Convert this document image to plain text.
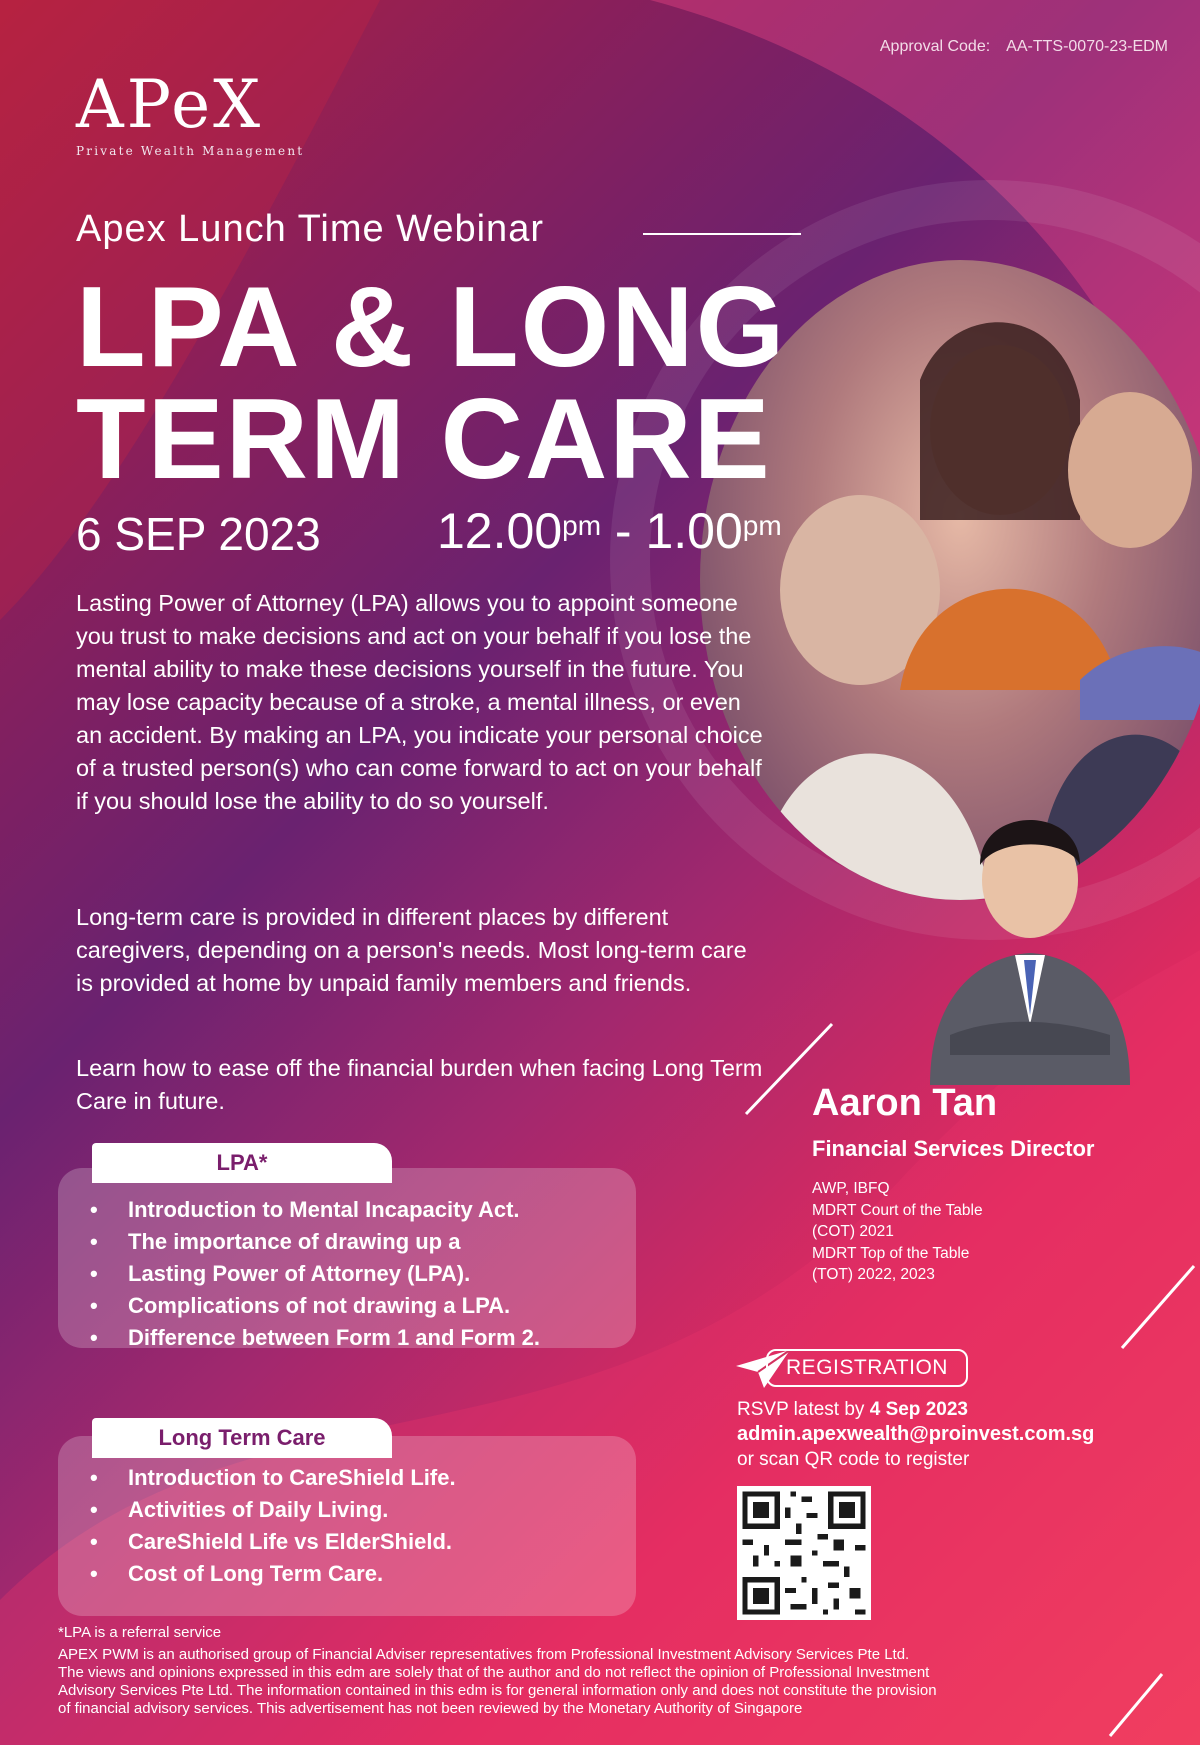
Approval Code: AA-TTS-0070-23-EDM
APeX
Private Wealth Management
Apex Lunch Time Webinar
LPA & LONG
TERM CARE
6 SEP 2023 $12.00^{pm} - 1.00^{pm}$
Lasting Power of Attorney (LPA) allows you to appoint someone you trust to make decisions and act on your behalf if you lose the mental ability to make these decisions yourself in the future. You may lose capacity because of a stroke, a mental illness, or even an accident. By making an LPA, you indicate your personal choice of a trusted person(s) who can come forward to act on your behalf if you should lose the ability to do so yourself.
Long-term care is provided in different places by different caregivers, depending on a person's needs. Most long-term care is provided at home by unpaid family members and friends.
Learn how to ease off the financial burden when facing Long Term Care in future.
• Introduction to Mental Incapacity Act.
• The importance of drawing up a
• Lasting Power of Attorney (LPA).
• Complications of not drawing a LPA.
• Difference between Form 1 and Form 2.
LPA*
• Introduction to CareShield Life.
• Activities of Daily Living.
• CareShield Life vs ElderShield.
• Cost of Long Term Care.
Long Term Care
Aaron Tan
Financial Services Director
AWP, IBFQ
MDRT Court of the Table
(COT) 2021
MDRT Top of the Table
(TOT) 2022, 2023
REGISTRATION
RSVP latest by 4 Sep 2023
admin.apexwealth@proinvest.com.sg
or scan QR code to register
*LPA is a referral service
APEX PWM is an authorised group of Financial Adviser representatives from Professional Investment Advisory Services Pte Ltd.
The views and opinions expressed in this edm are solely that of the author and do not reflect the opinion of Professional Investment
Advisory Services Pte Ltd. The information contained in this edm is for general information only and does not constitute the provision
of financial advisory services. This advertisement has not been reviewed by the Monetary Authority of Singapore
